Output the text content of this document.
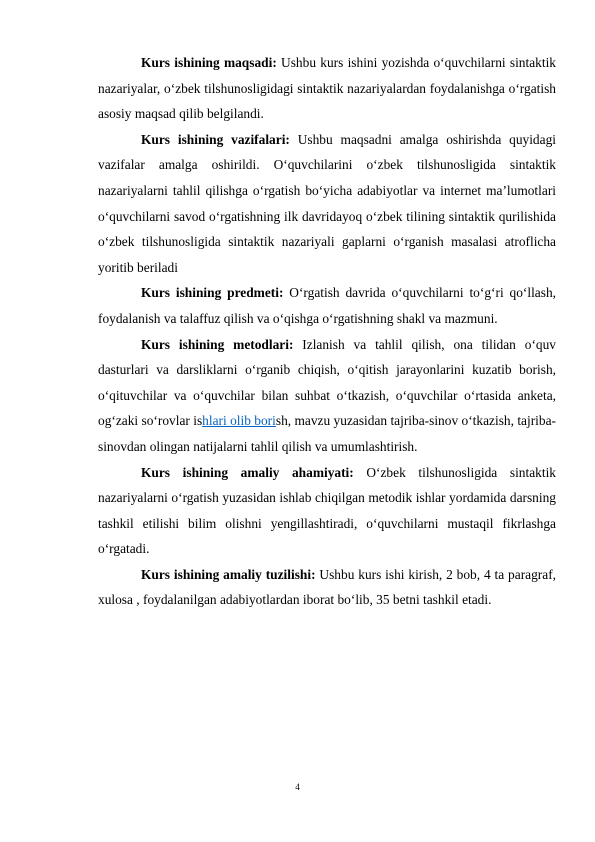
Kurs ishining maqsadi: Ushbu kurs ishini yozishda o‘quvchilarni sintaktik nazariyalar, o‘zbek tilshunosligidagi sintaktik nazariyalardan foydalanishga o‘rgatish asosiy maqsad qilib belgilandi.

Kurs ishining vazifalari: Ushbu maqsadni amalga oshirishda quyidagi vazifalar amalga oshirildi. O‘quvchilarini o‘zbek tilshunosligida sintaktik nazariyalarni tahlil qilishga o‘rgatish bo‘yicha adabiyotlar va internet ma’lumotlari o‘quvchilarni savod o‘rgatishning ilk davridayoq o‘zbek tilining sintaktik qurilishida o‘zbek tilshunosligida sintaktik nazariyali gaplarni o‘rganish masalasi atroflicha yoritib beriladi

Kurs ishining predmeti: O‘rgatish davrida o‘quvchilarni to‘g‘ri qo‘llash, foydalanish va talaffuz qilish va o‘qishga o‘rgatishning shakl va mazmuni.

Kurs ishining metodlari: Izlanish va tahlil qilish, ona tilidan o‘quv dasturlari va darsliklarni o‘rganib chiqish, o‘qitish jarayonlarini kuzatib borish, o‘qituvchilar va o‘quvchilar bilan suhbat o‘tkazish, o‘quvchilar o‘rtasida anketa, og‘zaki so‘rovlar ishlari olib borish, mavzu yuzasidan tajriba-sinov o‘tkazish, tajriba-sinovdan olingan natijalarni tahlil qilish va umumlashtirish.

Kurs ishining amaliy ahamiyati: O‘zbek tilshunosligida sintaktik nazariyalarni o‘rgatish yuzasidan ishlab chiqilgan metodik ishlar yordamida darsning tashkil etilishi bilim olishni yengillashtiradi, o‘quvchilarni mustaqil fikrlashga o‘rgatadi.

Kurs ishining amaliy tuzilishi: Ushbu kurs ishi kirish, 2 bob, 4 ta paragraf, xulosa , foydalanilgan adabiyotlardan iborat bo‘lib, 35 betni tashkil etadi.

4
